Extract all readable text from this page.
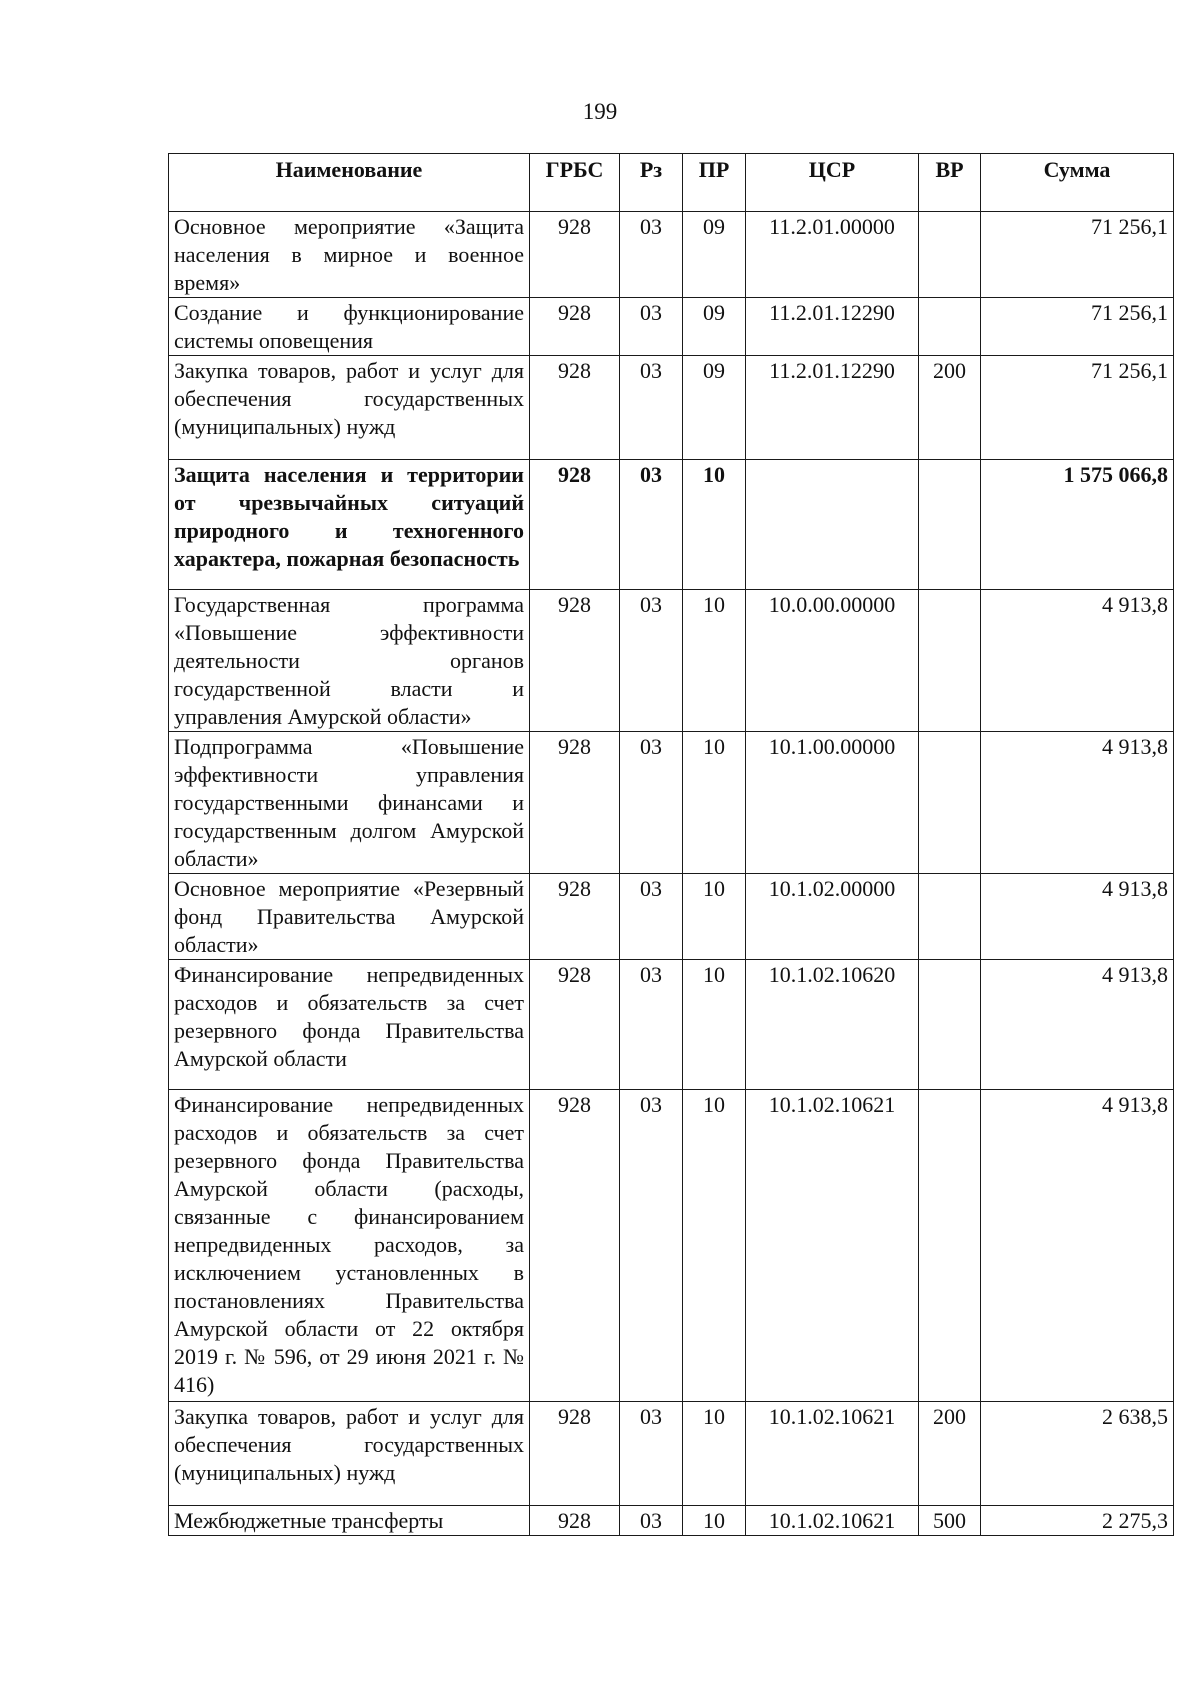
199
Наименование	ГРБС	Рз	ПР	ЦСР	ВР	Сумма
Основное мероприятие «Защита населения в мирное и военное время»	928	03	09	11.2.01.00000		71 256,1
Создание и функционирование системы оповещения	928	03	09	11.2.01.12290		71 256,1
Закупка товаров, работ и услуг для обеспечения государственных (муниципальных) нужд	928	03	09	11.2.01.12290	200	71 256,1
Защита населения и территории от чрезвычайных ситуаций природного и техногенного характера, пожарная безопасность	928	03	10			1 575 066,8
Государственная программа «Повышение эффективности деятельности органов государственной власти и управления Амурской области»	928	03	10	10.0.00.00000		4 913,8
Подпрограмма «Повышение эффективности управления государственными финансами и государственным долгом Амурской области»	928	03	10	10.1.00.00000		4 913,8
Основное мероприятие «Резервный фонд Правительства Амурской области»	928	03	10	10.1.02.00000		4 913,8
Финансирование непредвиденных расходов и обязательств за счет резервного фонда Правительства Амурской области	928	03	10	10.1.02.10620		4 913,8
Финансирование непредвиденных расходов и обязательств за счет резервного фонда Правительства Амурской области (расходы, связанные с финансированием непредвиденных расходов, за исключением установленных в постановлениях Правительства Амурской области от 22 октября 2019 г. № 596, от 29 июня 2021 г. № 416)	928	03	10	10.1.02.10621		4 913,8
Закупка товаров, работ и услуг для обеспечения государственных (муниципальных) нужд	928	03	10	10.1.02.10621	200	2 638,5
Межбюджетные трансферты	928	03	10	10.1.02.10621	500	2 275,3
